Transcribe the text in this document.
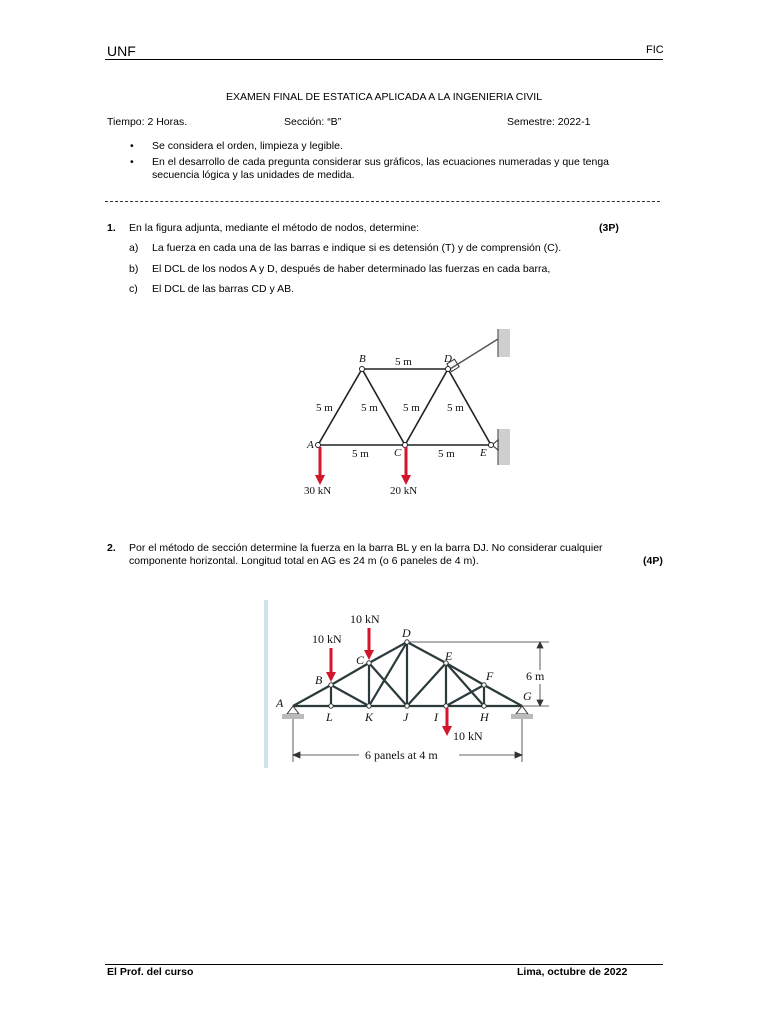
UNF	FIC
EXAMEN FINAL DE ESTATICA APLICADA A LA INGENIERIA CIVIL
Tiempo: 2 Horas.	Sección: “B”	Semestre: 2022-1
• Se considera el orden, limpieza y legible.
• En el desarrollo de cada pregunta considerar sus gráficos, las ecuaciones numeradas y que tenga secuencia lógica y las unidades de medida.
1. En la figura adjunta, mediante el método de nodos, determine:	(3P)
a) La fuerza en cada una de las barras e indique si es detensión (T) y de comprensión (C).
b) El DCL de los nodos A y D, después de haber determinado las fuerzas en cada barra,
c) El DCL de las barras CD y AB.
B	D
A
C	E
5 m
5 m	5 m 5 m 5 m
5 m	5 m
30 kN	20 kN
2. Por el método de sección determine la fuerza en la barra BL y en la barra DJ. No considerar cualquier componente horizontal. Longitud total en AG es 24 m (o 6 paneles de 4 m).	(4P)
A
B
C
D
E
F
G
L	K J I	H
10 kN
10 kN
10 kN
6 m
6 panels at 4 m
El Prof. del curso	Lima, octubre de 2022
